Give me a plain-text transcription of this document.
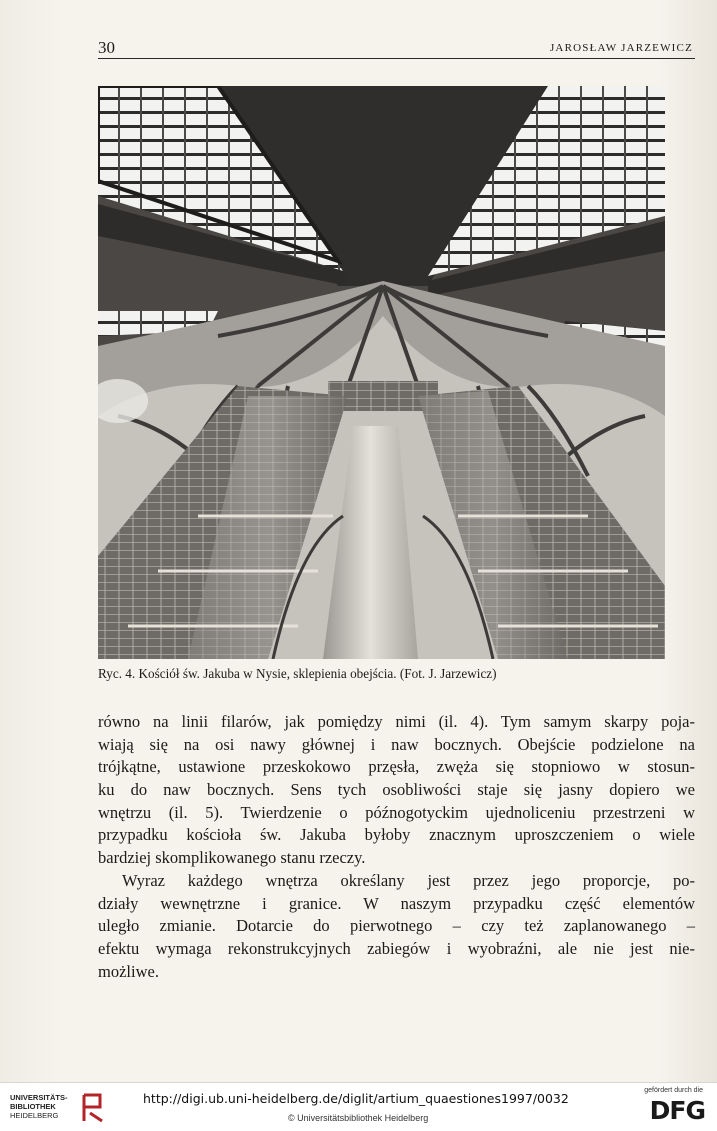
30	JAROSŁAW JARZEWICZ
Ryc. 4. Kościół św. Jakuba w Nysie, sklepienia obejścia. (Fot. J. Jarzewicz)
równo na linii filarów, jak pomiędzy nimi (il. 4). Tym samym skarpy poja-
wiają się na osi nawy głównej i naw bocznych. Obejście podzielone na
trójkątne, ustawione przeskokowo przęsła, zwęża się stopniowo w stosun-
ku do naw bocznych. Sens tych osobliwości staje się jasny dopiero we
wnętrzu (il. 5). Twierdzenie o późnogotyckim ujednoliceniu przestrzeni w
przypadku kościoła św. Jakuba byłoby znacznym uproszczeniem o wiele
bardziej skomplikowanego stanu rzeczy.
Wyraz każdego wnętrza określany jest przez jego proporcje, po-
działy wewnętrzne i granice. W naszym przypadku część elementów
uległo zmianie. Dotarcie do pierwotnego – czy też zaplanowanego –
efektu wymaga rekonstrukcyjnych zabiegów i wyobraźni, ale nie jest nie-
możliwe.
UNIVERSITÄTS-
BIBLIOTHEK
HEIDELBERG
http://digi.ub.uni-heidelberg.de/diglit/artium_quaestiones1997/0032
© Universitätsbibliothek Heidelberg
gefördert durch die
DFG
